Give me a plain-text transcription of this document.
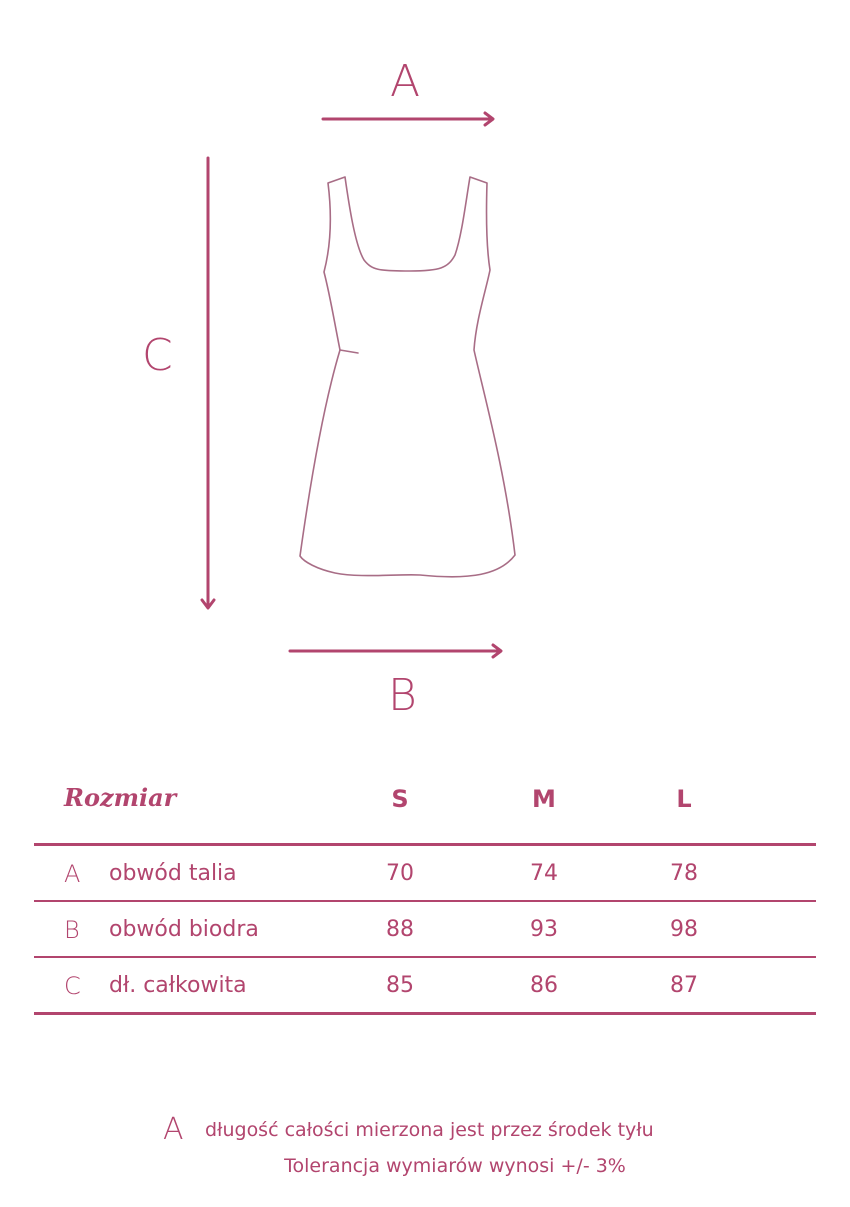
A
C
B
Rozmiar	S	M	L
A obwód talia	70	74	78
B obwód biodra	88	93	98
C dł. całkowita	85	86	87
A długość całości mierzona jest przez środek tyłu
Tolerancja wymiarów wynosi +/- 3%
